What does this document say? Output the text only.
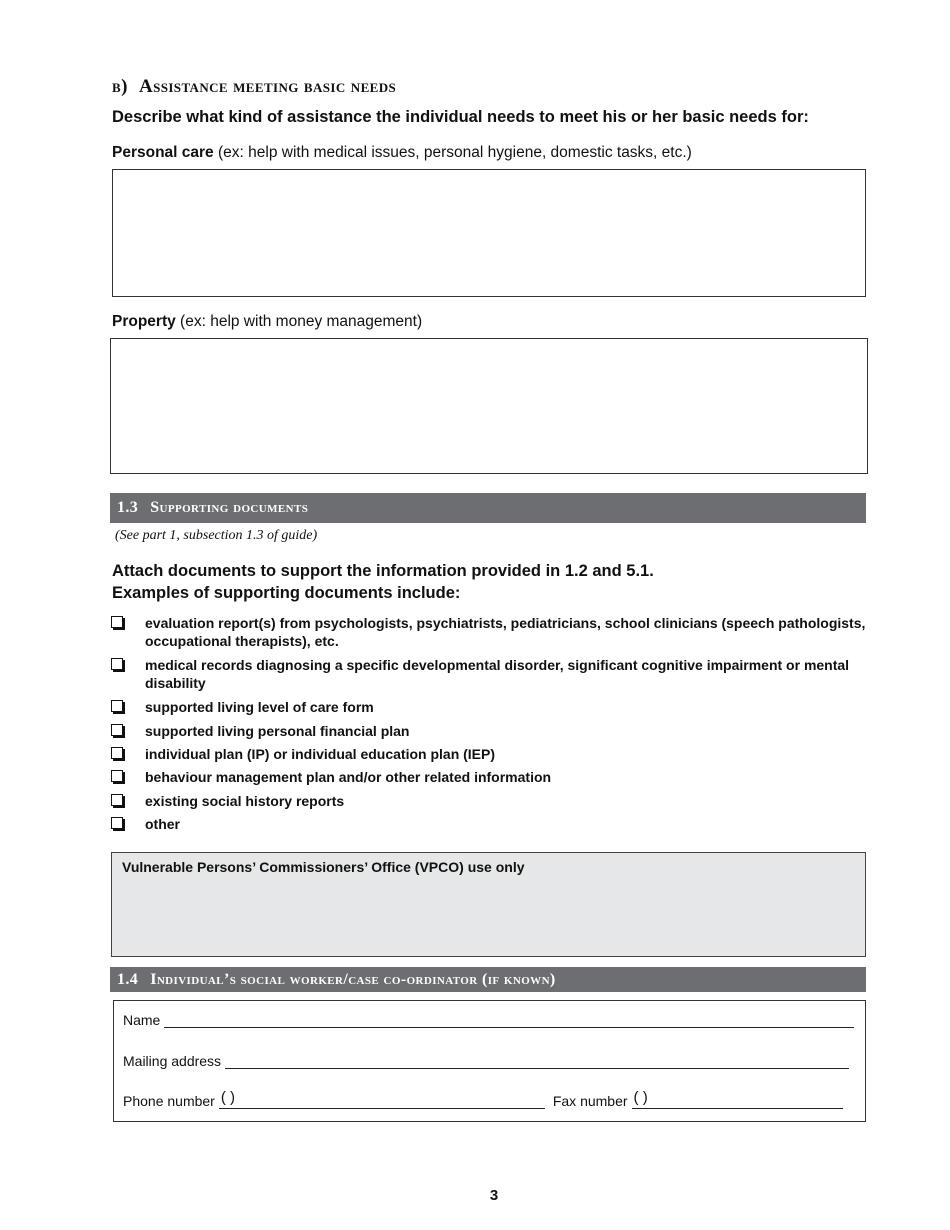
b) Assistance meeting basic needs
Describe what kind of assistance the individual needs to meet his or her basic needs for:
Personal care (ex: help with medical issues, personal hygiene, domestic tasks, etc.)
Property (ex: help with money management)
1.3 Supporting documents
(See part 1, subsection 1.3 of guide)
Attach documents to support the information provided in 1.2 and 5.1.
Examples of supporting documents include:
evaluation report(s) from psychologists, psychiatrists, pediatricians, school clinicians (speech pathologists, occupational therapists), etc.
medical records diagnosing a specific developmental disorder, significant cognitive impairment or mental disability
supported living level of care form
supported living personal financial plan
individual plan (IP) or individual education plan (IEP)
behaviour management plan and/or other related information
existing social history reports
other
Vulnerable Persons’ Commissioners’ Office (VPCO) use only
1.4 Individual’s social worker/case co-ordinator (if known)
Name
Mailing address
Phone number ( )	Fax number ( )
3
